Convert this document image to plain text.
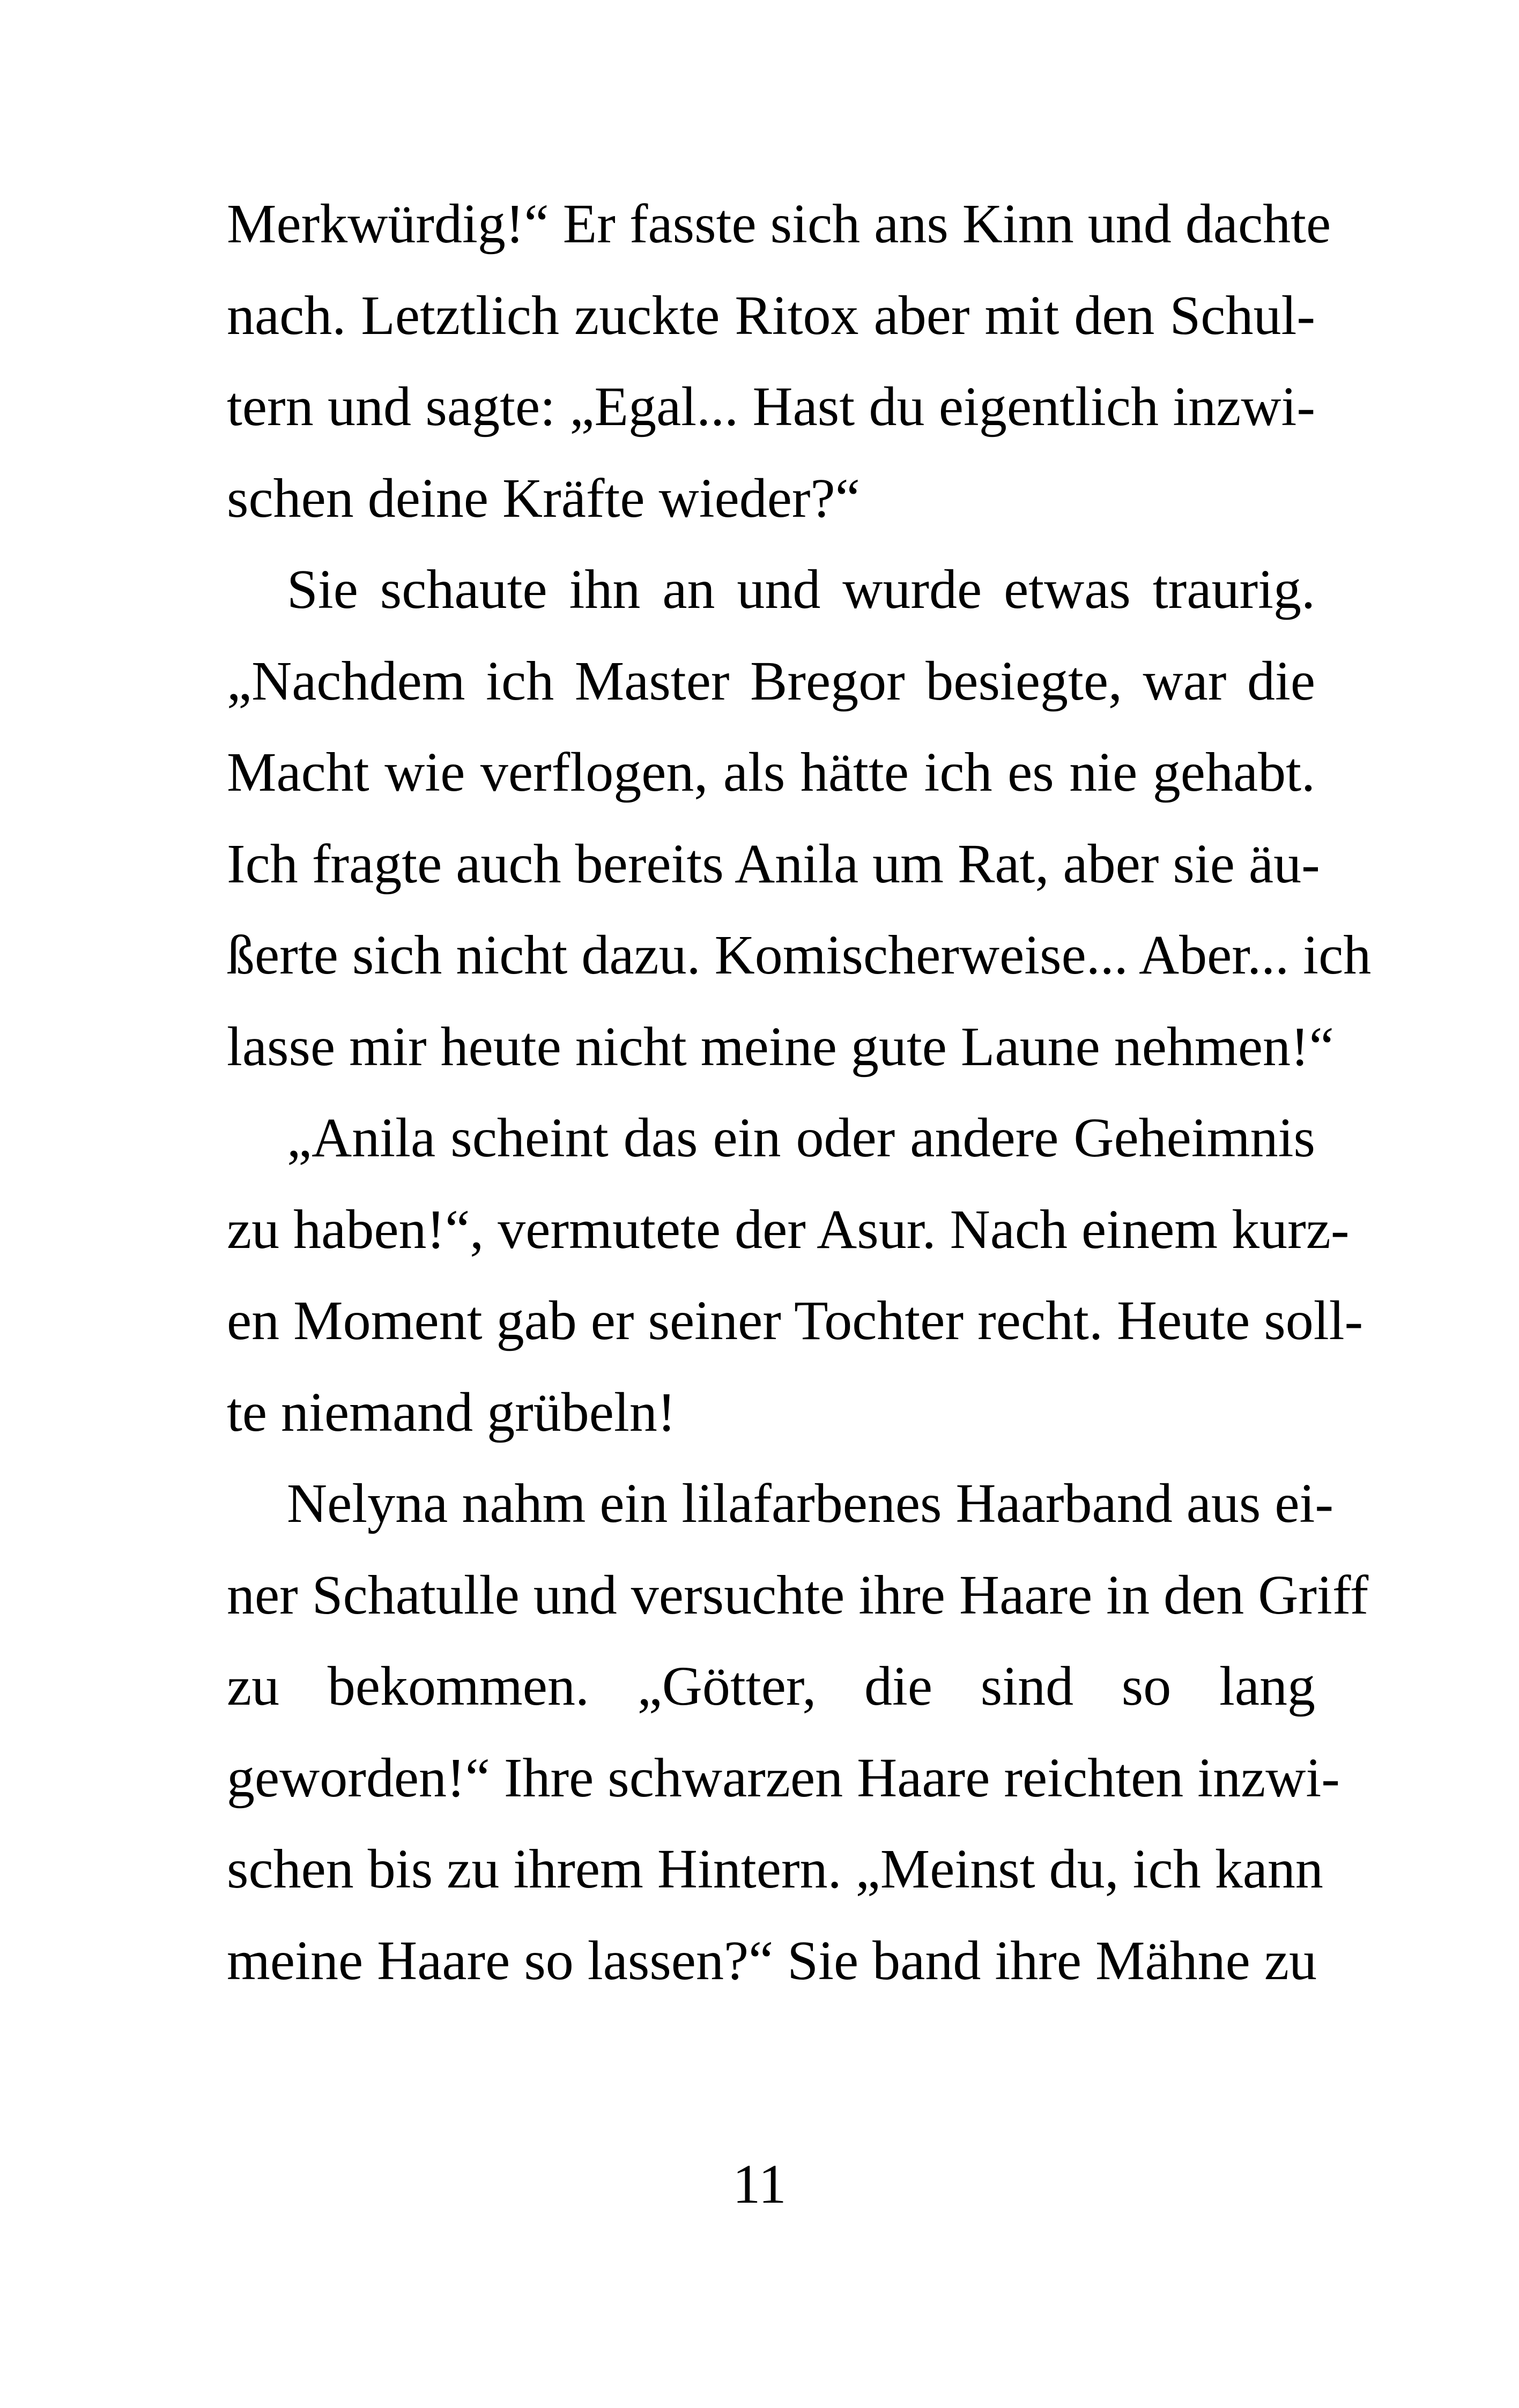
Merkwürdig!“ Er fasste sich ans Kinn und dachte
nach. Letztlich zuckte Ritox aber mit den Schul-
tern und sagte: „Egal... Hast du eigentlich inzwi-
schen deine Kräfte wieder?“
Sie schaute ihn an und wurde etwas traurig.
„Nachdem ich Master Bregor besiegte, war die
Macht wie verflogen, als hätte ich es nie gehabt.
Ich fragte auch bereits Anila um Rat, aber sie äu-
ßerte sich nicht dazu. Komischerweise... Aber... ich
lasse mir heute nicht meine gute Laune nehmen!“
„Anila scheint das ein oder andere Geheimnis
zu haben!“, vermutete der Asur. Nach einem kurz-
en Moment gab er seiner Tochter recht. Heute soll-
te niemand grübeln!
Nelyna nahm ein lilafarbenes Haarband aus ei-
ner Schatulle und versuchte ihre Haare in den Griff
zu bekommen. „Götter, die sind so lang
geworden!“ Ihre schwarzen Haare reichten inzwi-
schen bis zu ihrem Hintern. „Meinst du, ich kann
meine Haare so lassen?“ Sie band ihre Mähne zu
11
